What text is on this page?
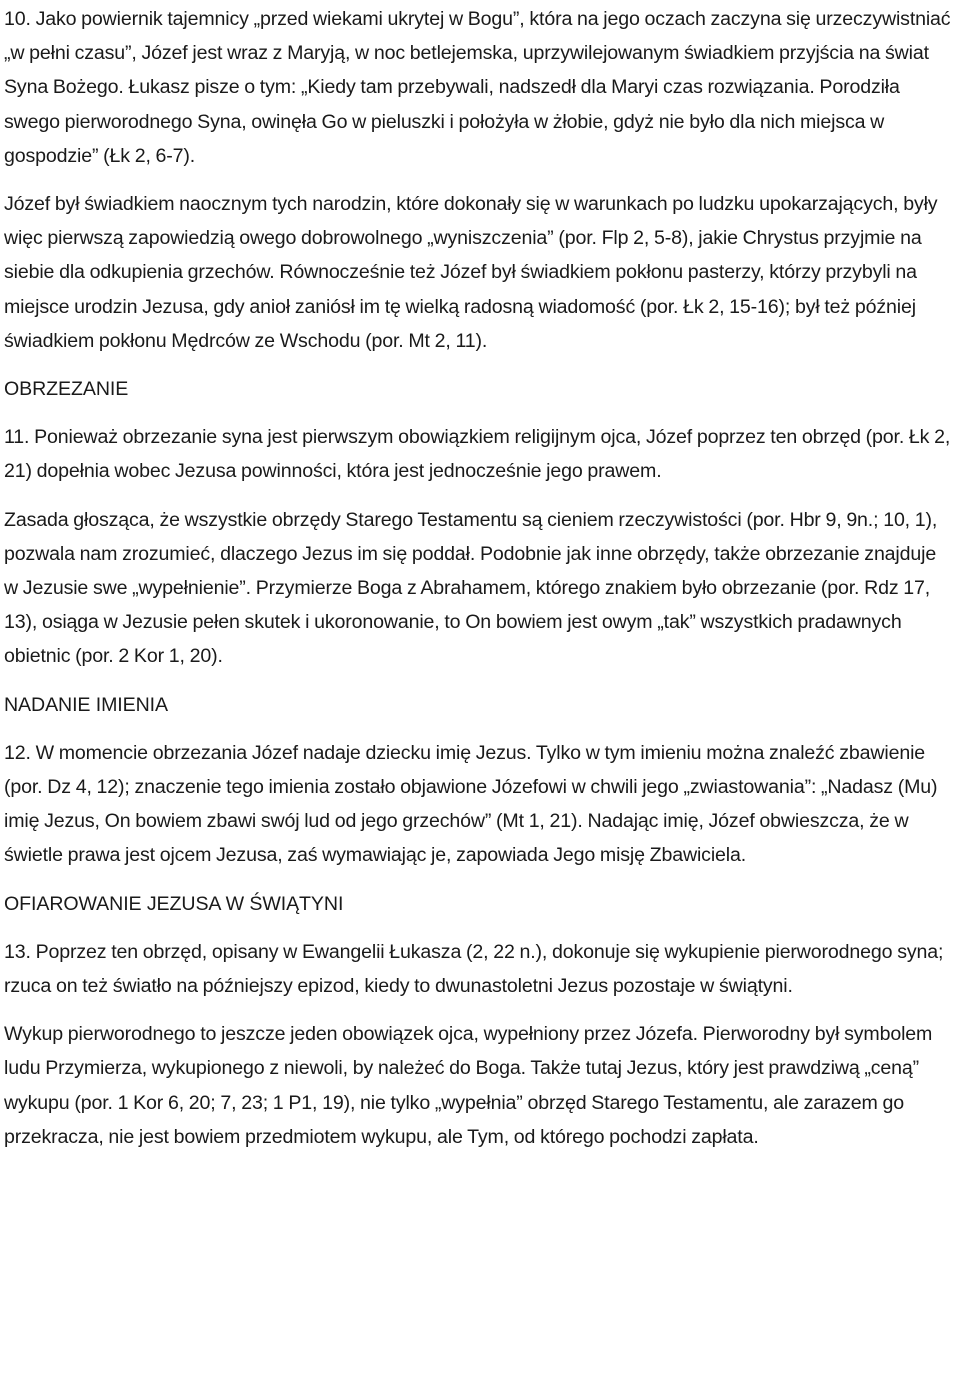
10. Jako powiernik tajemnicy „przed wiekami ukrytej w Bogu”, która na jego oczach zaczyna się urzeczywistniać „w pełni czasu”, Józef jest wraz z Maryją, w noc betlejemska, uprzywilejowanym świadkiem przyjścia na świat Syna Bożego. Łukasz pisze o tym: „Kiedy tam przebywali, nadszedł dla Maryi czas rozwiązania. Porodziła swego pierworodnego Syna, owinęła Go w pieluszki i położyła w żłobie, gdyż nie było dla nich miejsca w gospodzie” (Łk 2, 6-7).

Józef był świadkiem naocznym tych narodzin, które dokonały się w warunkach po ludzku upokarzających, były więc pierwszą zapowiedzią owego dobrowolnego „wyniszczenia” (por. Flp 2, 5-8), jakie Chrystus przyjmie na siebie dla odkupienia grzechów. Równocześnie też Józef był świadkiem pokłonu pasterzy, którzy przybyli na miejsce urodzin Jezusa, gdy anioł zaniósł im tę wielką radosną wiadomość (por. Łk 2, 15-16); był też później świadkiem pokłonu Mędrców ze Wschodu (por. Mt 2, 11).

OBRZEZANIE

11. Ponieważ obrzezanie syna jest pierwszym obowiązkiem religijnym ojca, Józef poprzez ten obrzęd (por. Łk 2, 21) dopełnia wobec Jezusa powinności, która jest jednocześnie jego prawem.

Zasada głosząca, że wszystkie obrzędy Starego Testamentu są cieniem rzeczywistości (por. Hbr 9, 9n.; 10, 1), pozwala nam zrozumieć, dlaczego Jezus im się poddał. Podobnie jak inne obrzędy, także obrzezanie znajduje w Jezusie swe „wypełnienie”. Przymierze Boga z Abrahamem, którego znakiem było obrzezanie (por. Rdz 17, 13), osiąga w Jezusie pełen skutek i ukoronowanie, to On bowiem jest owym „tak” wszystkich pradawnych obietnic (por. 2 Kor 1, 20).

NADANIE IMIENIA

12. W momencie obrzezania Józef nadaje dziecku imię Jezus. Tylko w tym imieniu można znaleźć zbawienie (por. Dz 4, 12); znaczenie tego imienia zostało objawione Józefowi w chwili jego „zwiastowania”: „Nadasz (Mu) imię Jezus, On bowiem zbawi swój lud od jego grzechów” (Mt 1, 21). Nadając imię, Józef obwieszcza, że w świetle prawa jest ojcem Jezusa, zaś wymawiając je, zapowiada Jego misję Zbawiciela.

OFIAROWANIE JEZUSA W ŚWIĄTYNI

13. Poprzez ten obrzęd, opisany w Ewangelii Łukasza (2, 22 n.), dokonuje się wykupienie pierworodnego syna; rzuca on też światło na późniejszy epizod, kiedy to dwunastoletni Jezus pozostaje w świątyni.

Wykup pierworodnego to jeszcze jeden obowiązek ojca, wypełniony przez Józefa. Pierworodny był symbolem ludu Przymierza, wykupionego z niewoli, by należeć do Boga. Także tutaj Jezus, który jest prawdziwą „ceną” wykupu (por. 1 Kor 6, 20; 7, 23; 1 P1, 19), nie tylko „wypełnia” obrzęd Starego Testamentu, ale zarazem go przekracza, nie jest bowiem przedmiotem wykupu, ale Tym, od którego pochodzi zapłata.
